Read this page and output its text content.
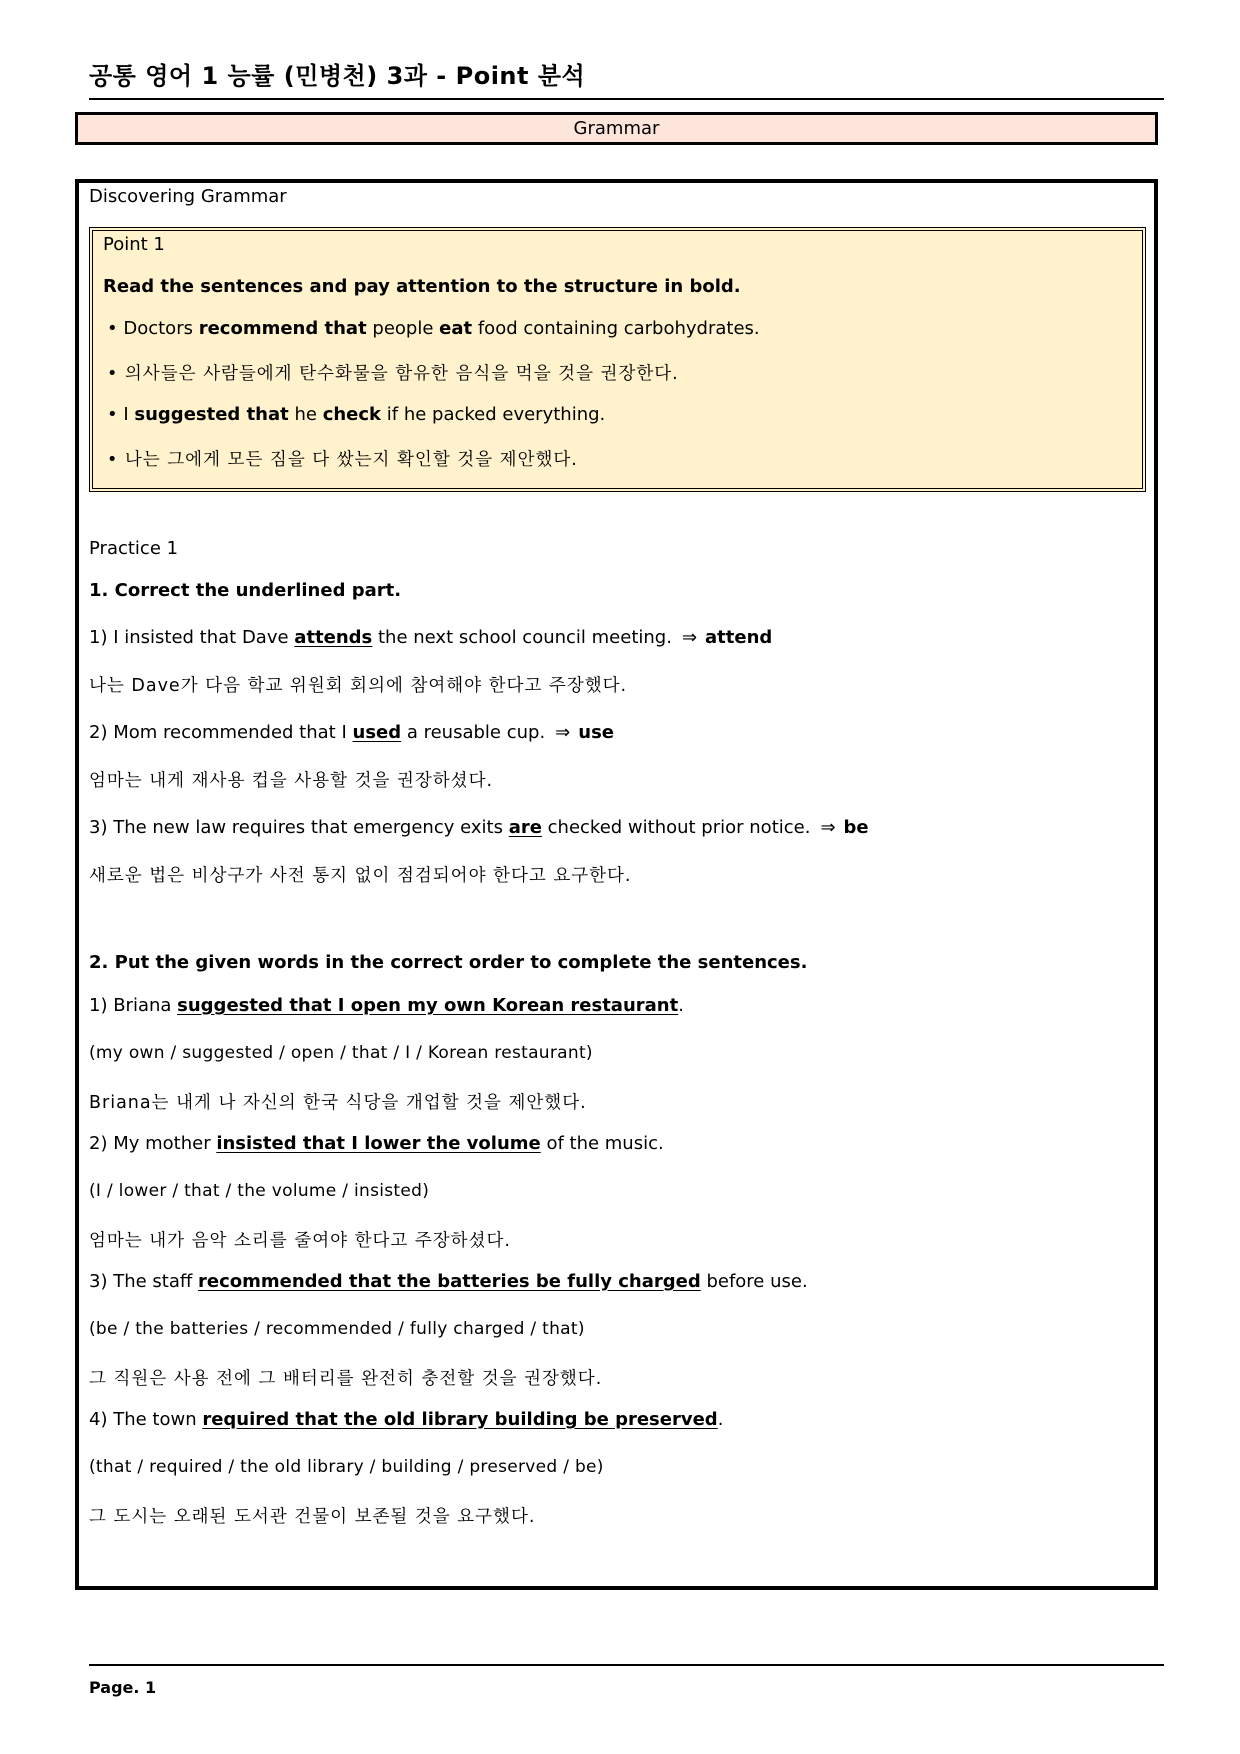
공통 영어 1 능률 (민병천) 3과 - Point 분석
Grammar
Discovering Grammar
Point 1
Read the sentences and pay attention to the structure in bold.
• Doctors recommend that people eat food containing carbohydrates.
• 의사들은 사람들에게 탄수화물을 함유한 음식을 먹을 것을 권장한다.
• I suggested that he check if he packed everything.
• 나는 그에게 모든 짐을 다 쌌는지 확인할 것을 제안했다.
Practice 1
1. Correct the underlined part.
1) I insisted that Dave attends the next school council meeting. ⇒ attend
나는 Dave가 다음 학교 위원회 회의에 참여해야 한다고 주장했다.
2) Mom recommended that I used a reusable cup. ⇒ use
엄마는 내게 재사용 컵을 사용할 것을 권장하셨다.
3) The new law requires that emergency exits are checked without prior notice. ⇒ be
새로운 법은 비상구가 사전 통지 없이 점검되어야 한다고 요구한다.
2. Put the given words in the correct order to complete the sentences.
1) Briana suggested that I open my own Korean restaurant.
(my own / suggested / open / that / I / Korean restaurant)
Briana는 내게 나 자신의 한국 식당을 개업할 것을 제안했다.
2) My mother insisted that I lower the volume of the music.
(I / lower / that / the volume / insisted)
엄마는 내가 음악 소리를 줄여야 한다고 주장하셨다.
3) The staff recommended that the batteries be fully charged before use.
(be / the batteries / recommended / fully charged / that)
그 직원은 사용 전에 그 배터리를 완전히 충전할 것을 권장했다.
4) The town required that the old library building be preserved.
(that / required / the old library / building / preserved / be)
그 도시는 오래된 도서관 건물이 보존될 것을 요구했다.
Page. 1
